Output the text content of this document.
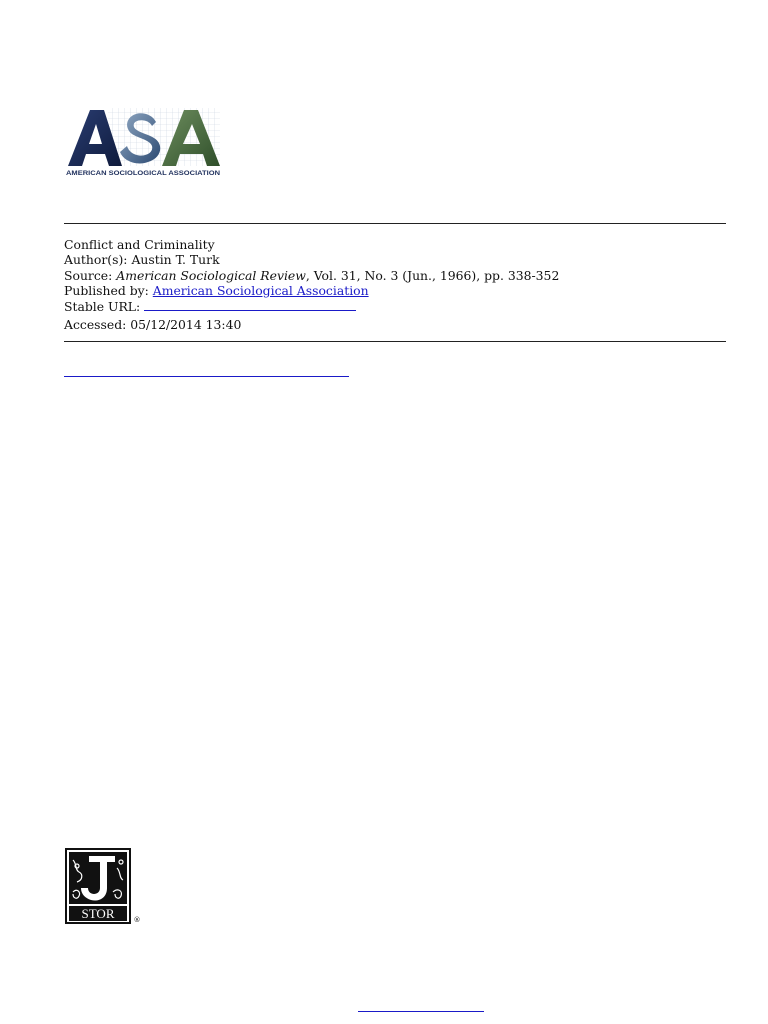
AMERICAN SOCIOLOGICAL ASSOCIATION
Conflict and Criminality
Author(s): Austin T. Turk
Source: American Sociological Review, Vol. 31, No. 3 (Jun., 1966), pp. 338-352
Published by: American Sociological Association
Stable URL:
Accessed: 05/12/2014 13:40
STOR	®
